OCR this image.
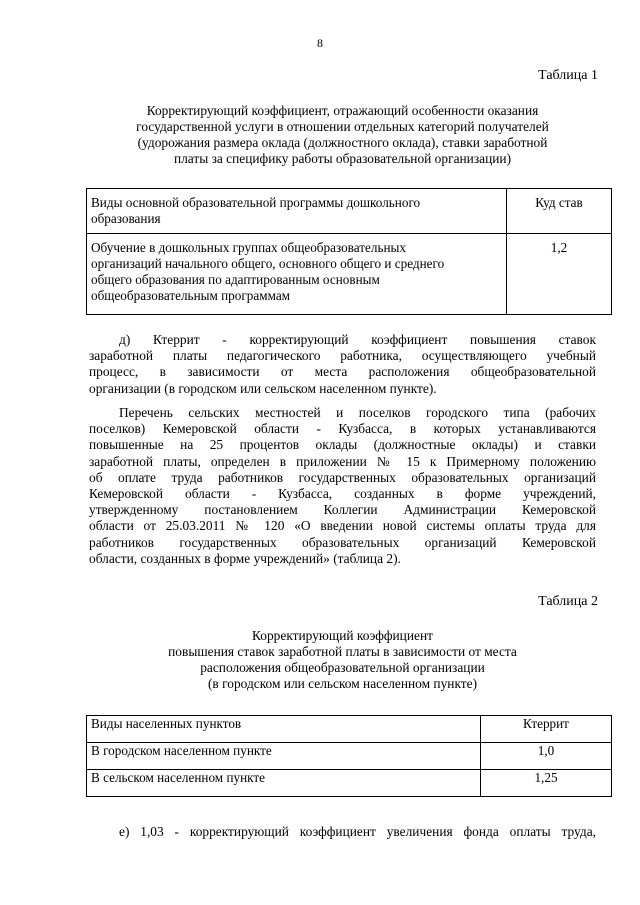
8
Таблица 1
Корректирующий коэффициент, отражающий особенности оказания
государственной услуги в отношении отдельных категорий получателей
(удорожания размера оклада (должностного оклада), ставки заработной
платы за специфику работы образовательной организации)
Виды основной образовательной программы дошкольного
образования	Куд став

Обучение в дошкольных группах общеобразовательных
организаций начального общего, основного общего и среднего
общего образования по адаптированным основным
общеобразовательным программам	1,2
д) Ктеррит - корректирующий коэффициент повышения ставок
заработной платы педагогического работника, осуществляющего учебный
процесс, в зависимости от места расположения общеобразовательной
организации (в городском или сельском населенном пункте).
Перечень сельских местностей и поселков городского типа (рабочих
поселков) Кемеровской области - Кузбасса, в которых устанавливаются
повышенные на 25 процентов оклады (должностные оклады) и ставки
заработной платы, определен в приложении № 15 к Примерному положению
об оплате труда работников государственных образовательных организаций
Кемеровской области - Кузбасса, созданных в форме учреждений,
утвержденному постановлением Коллегии Администрации Кемеровской
области от 25.03.2011 № 120 «О введении новой системы оплаты труда для
работников государственных образовательных организаций Кемеровской
области, созданных в форме учреждений» (таблица 2).
Таблица 2
Корректирующий коэффициент
повышения ставок заработной платы в зависимости от места
расположения общеобразовательной организации
(в городском или сельском населенном пункте)
Виды населенных пунктов	Ктеррит
В городском населенном пункте	1,0
В сельском населенном пункте	1,25
е) 1,03 - корректирующий коэффициент увеличения фонда оплаты труда,
